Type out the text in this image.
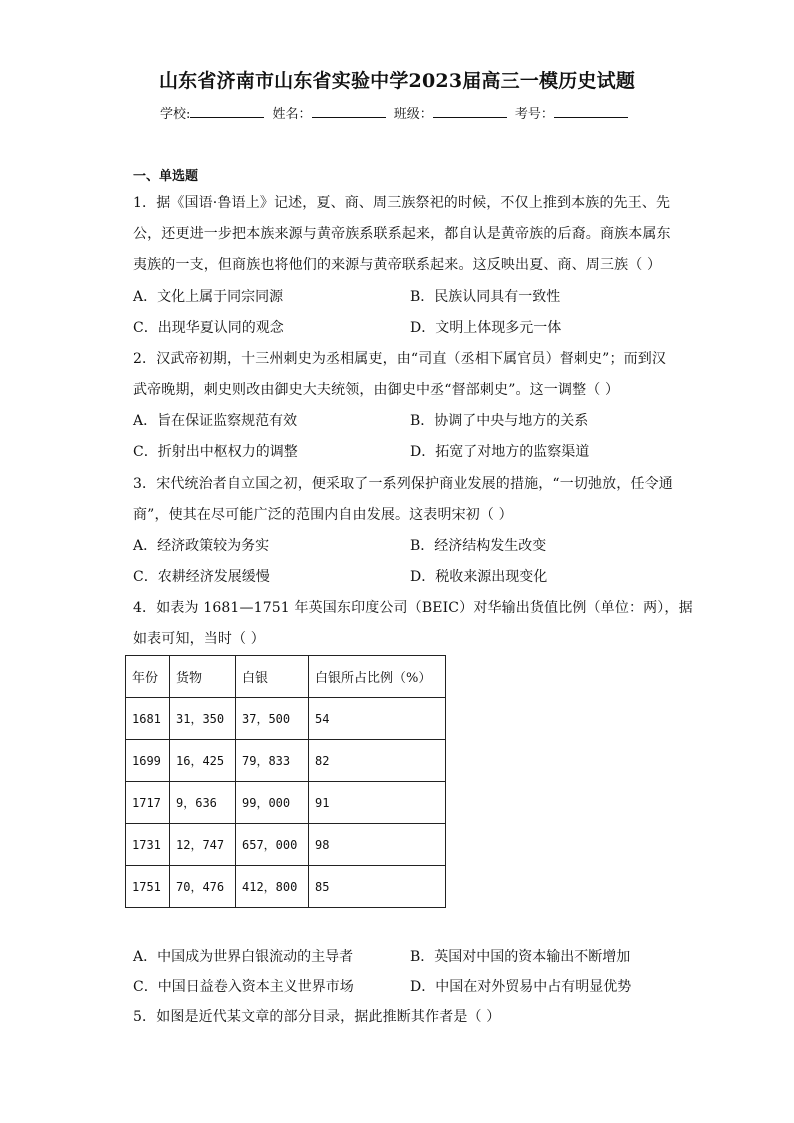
山东省济南市山东省实验中学2023届高三一模历史试题
学校:	姓名：	班级：	考号：
一、单选题
1．据《国语·鲁语上》记述，夏、商、周三族祭祀的时候，不仅上推到本族的先王、先
公，还更进一步把本族来源与黄帝族系联系起来，都自认是黄帝族的后裔。商族本属东
夷族的一支，但商族也将他们的来源与黄帝联系起来。这反映出夏、商、周三族（ ）
A．文化上属于同宗同源	B．民族认同具有一致性
C．出现华夏认同的观念	D．文明上体现多元一体
2．汉武帝初期，十三州刺史为丞相属吏，由“司直（丞相下属官员）督刺史”；而到汉
武帝晚期，刺史则改由御史大夫统领，由御史中丞“督部刺史”。这一调整（ ）
A．旨在保证监察规范有效	B．协调了中央与地方的关系
C．折射出中枢权力的调整	D．拓宽了对地方的监察渠道
3．宋代统治者自立国之初，便采取了一系列保护商业发展的措施，“一切弛放，任令通
商”，使其在尽可能广泛的范围内自由发展。这表明宋初（ ）
A．经济政策较为务实	B．经济结构发生改变
C．农耕经济发展缓慢	D．税收来源出现变化
4．如表为 1681—1751 年英国东印度公司（BEIC）对华输出货值比例（单位：两），据
如表可知，当时（ ）
年份	货物	白银	白银所占比例（%）
1681	31，350	37，500	54
1699	16，425	79，833	82
1717	9，636	99，000	91
1731	12，747	657，000	98
1751	70，476	412，800	85
A．中国成为世界白银流动的主导者	B．英国对中国的资本输出不断增加
C．中国日益卷入资本主义世界市场	D．中国在对外贸易中占有明显优势
5．如图是近代某文章的部分目录，据此推断其作者是（ ）
